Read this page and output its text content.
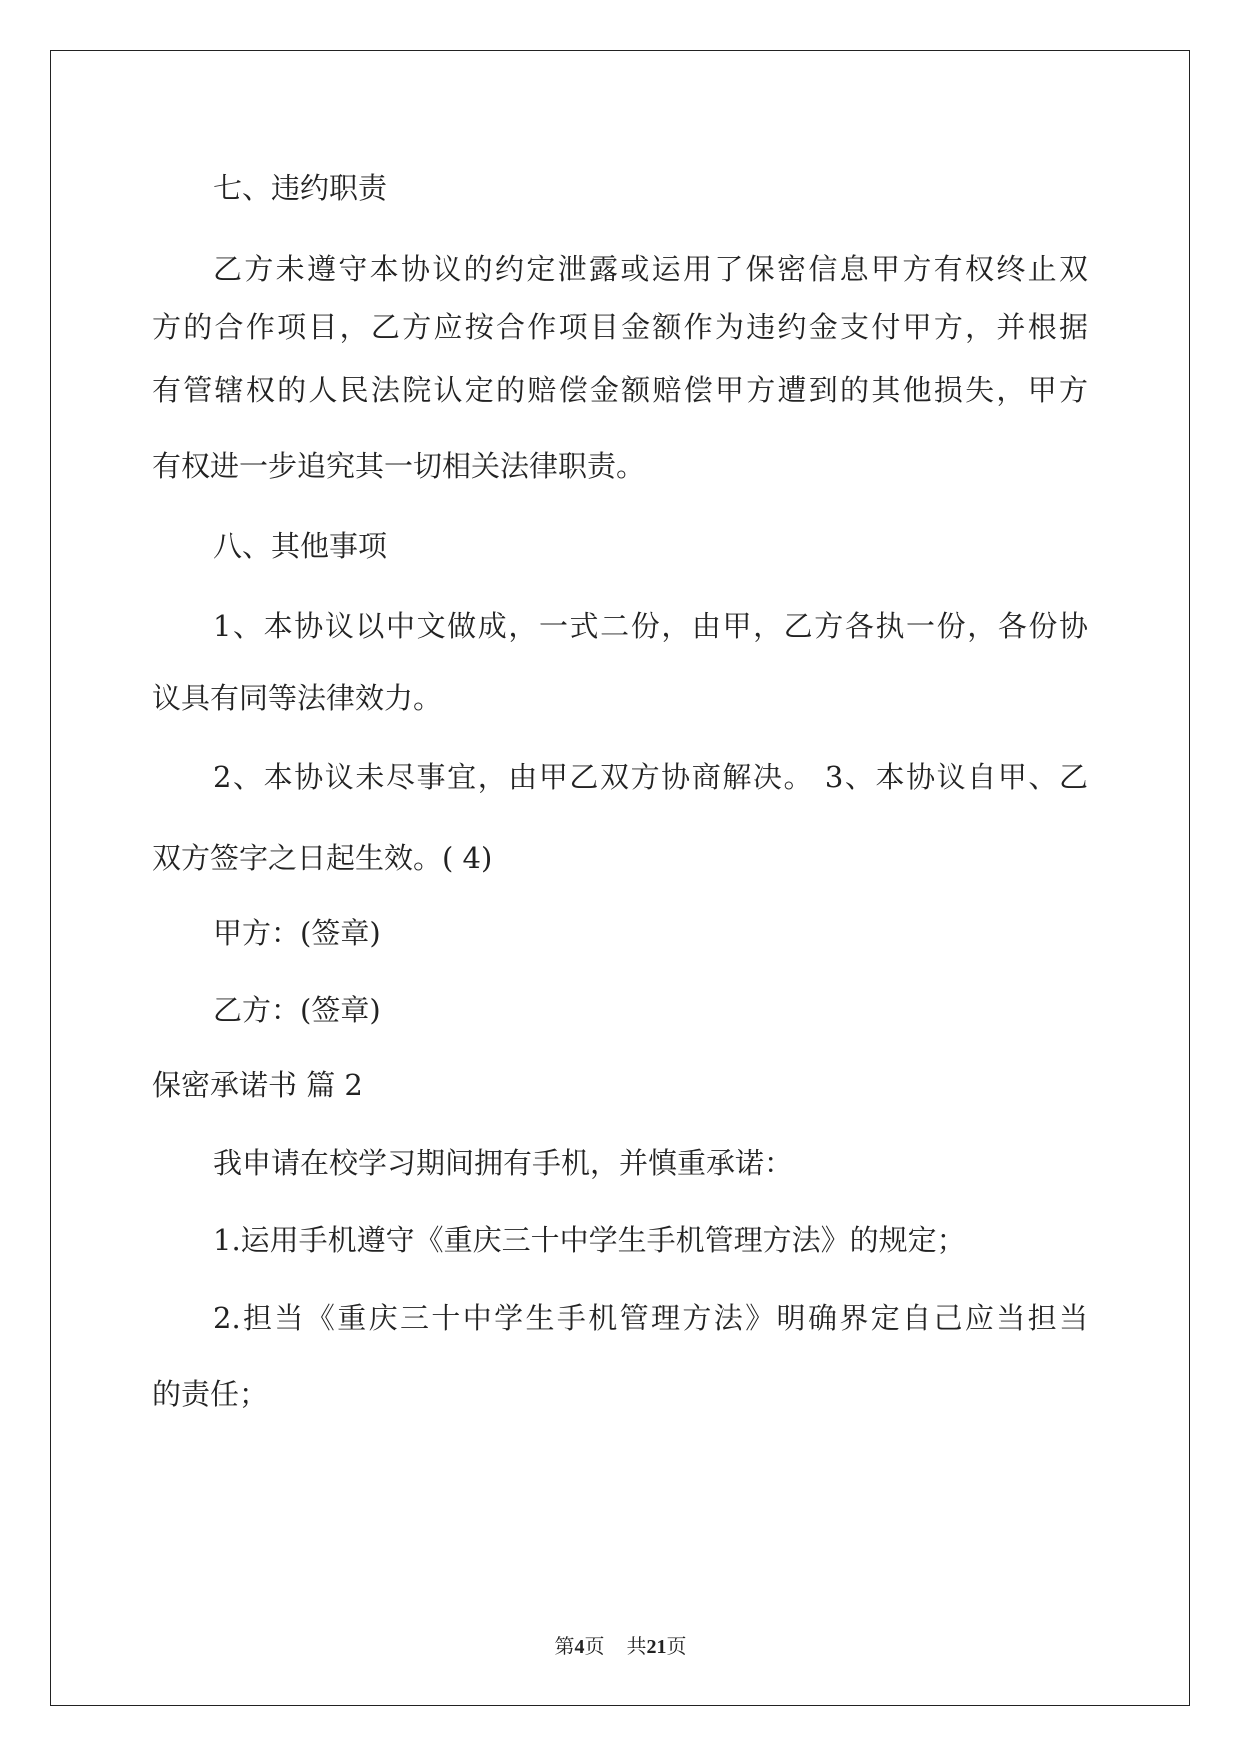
七、违约职责

乙方未遵守本协议的约定泄露或运用了保密信息甲方有权终止双

方的合作项目，乙方应按合作项目金额作为违约金支付甲方，并根据

有管辖权的人民法院认定的赔偿金额赔偿甲方遭到的其他损失，甲方

有权进一步追究其一切相关法律职责。

八、其他事项

1、本协议以中文做成，一式二份，由甲，乙方各执一份，各份协

议具有同等法律效力。

2、本协议未尽事宜，由甲乙双方协商解决。 3、本协议自甲、乙

双方签字之日起生效。( 4)

甲方：(签章)

乙方：(签章)

保密承诺书 篇 2

我申请在校学习期间拥有手机，并慎重承诺：

1.运用手机遵守《重庆三十中学生手机管理方法》的规定；

2.担当《重庆三十中学生手机管理方法》明确界定自己应当担当

的责任；

第4页 共21页
